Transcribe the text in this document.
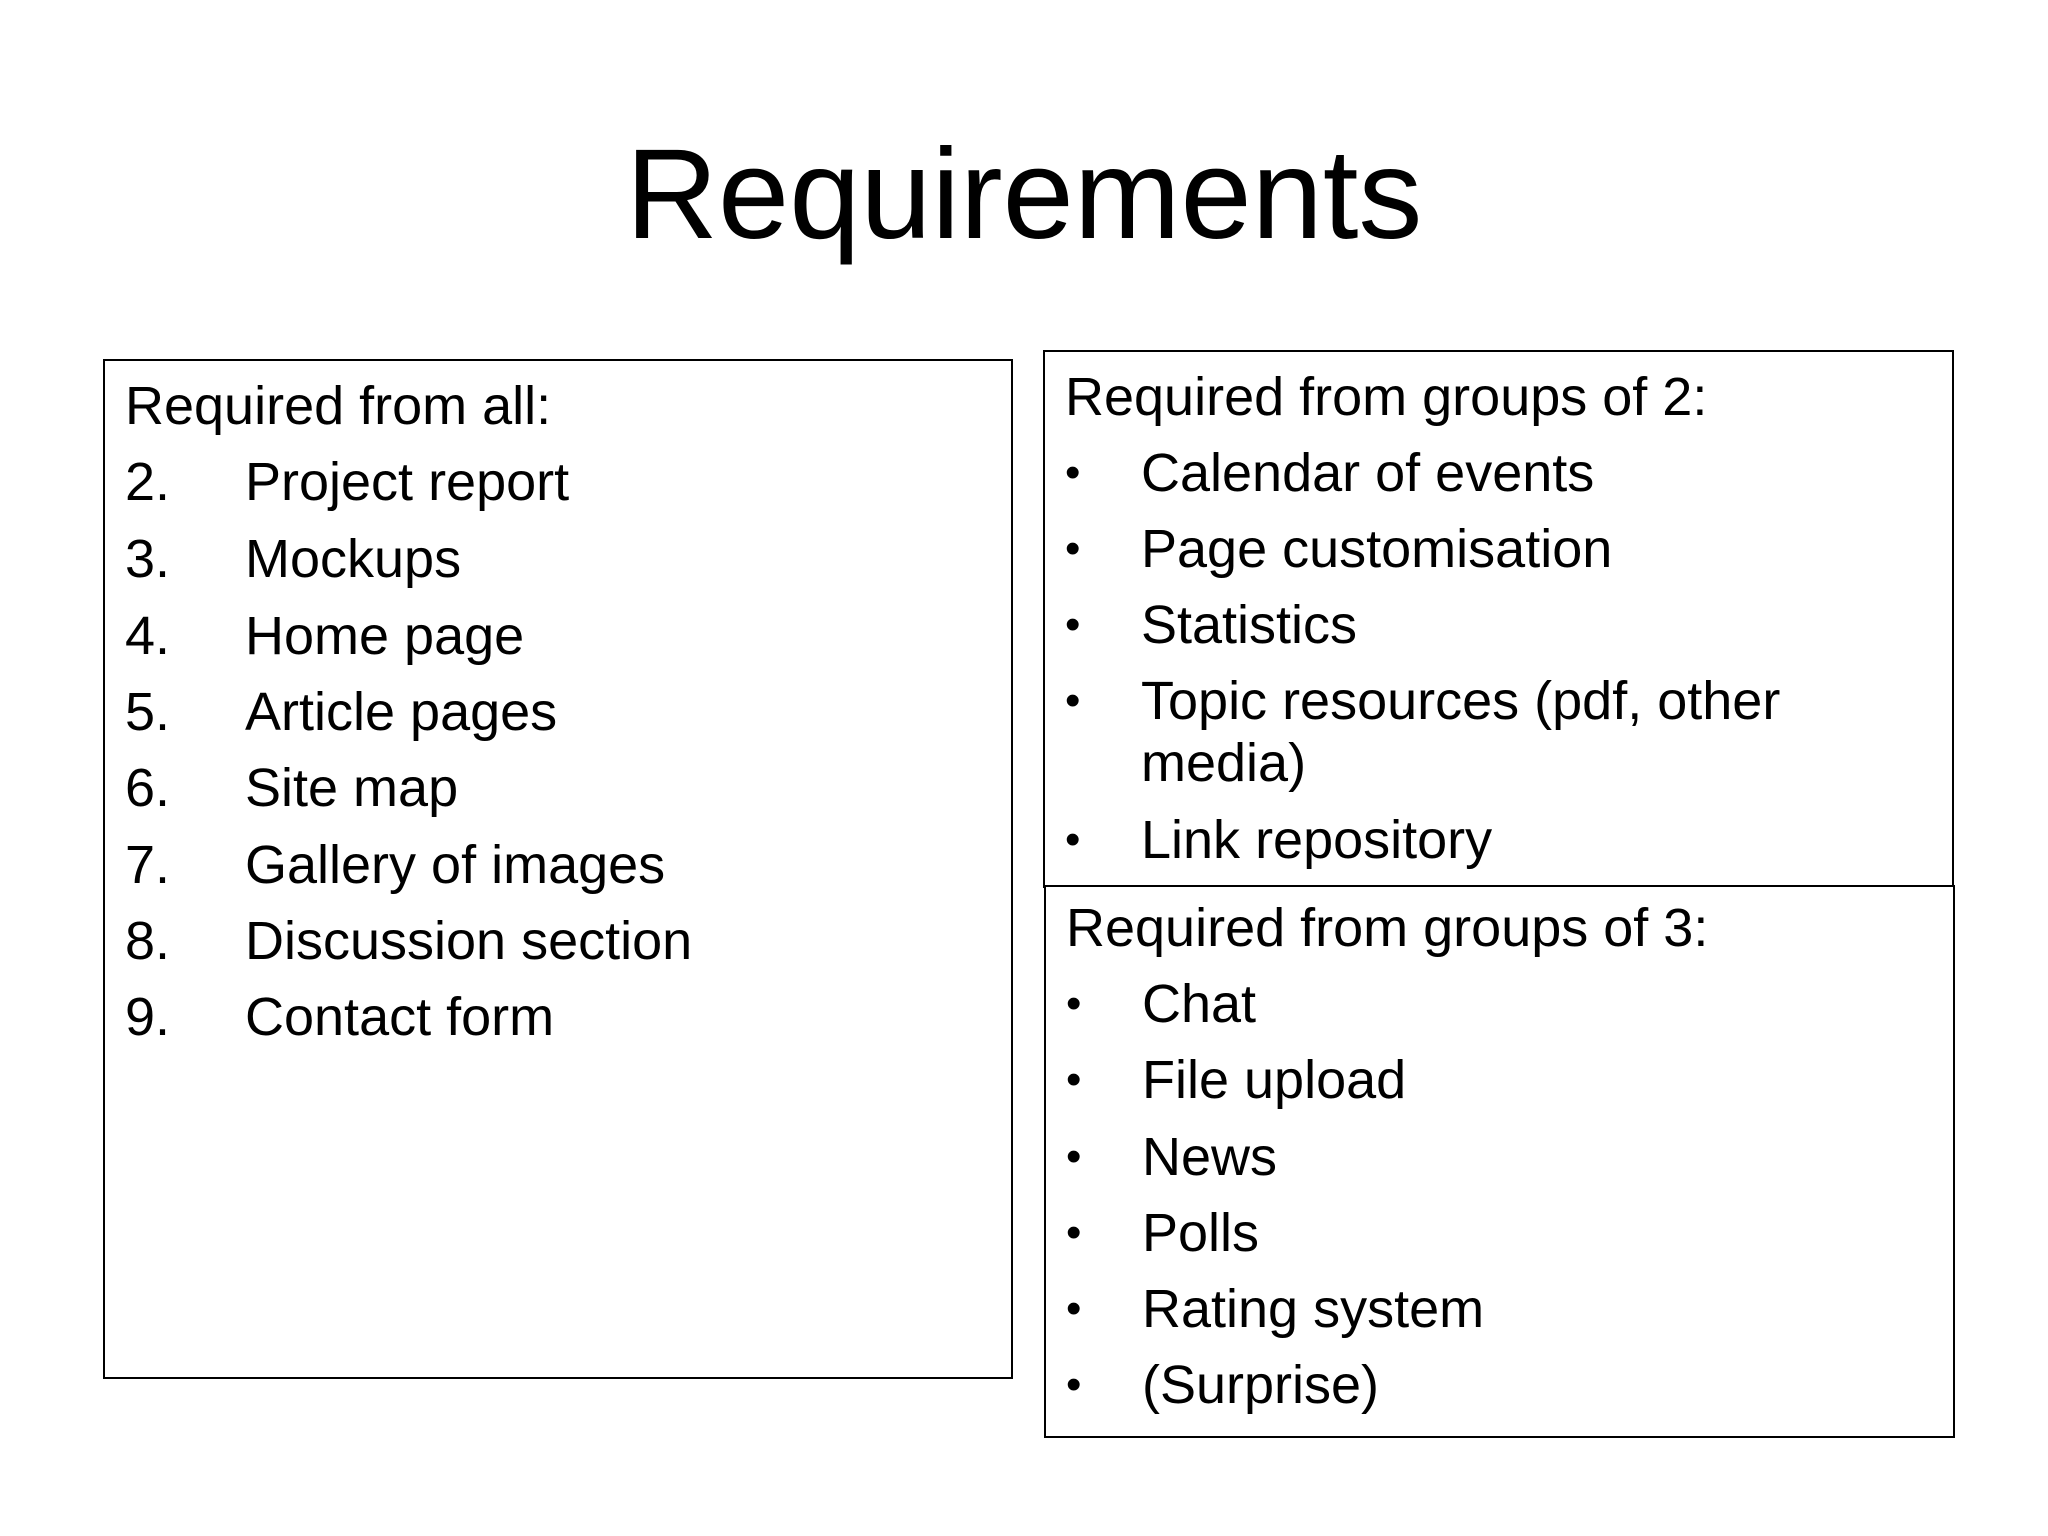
Requirements
Required from all:
2. Project report
3. Mockups
4. Home page
5. Article pages
6. Site map
7. Gallery of images
8. Discussion section
9. Contact form
Required from groups of 2:
• Calendar of events
• Page customisation
• Statistics
• Topic resources (pdf, other media)
• Link repository
Required from groups of 3:
• Chat
• File upload
• News
• Polls
• Rating system
• (Surprise)
